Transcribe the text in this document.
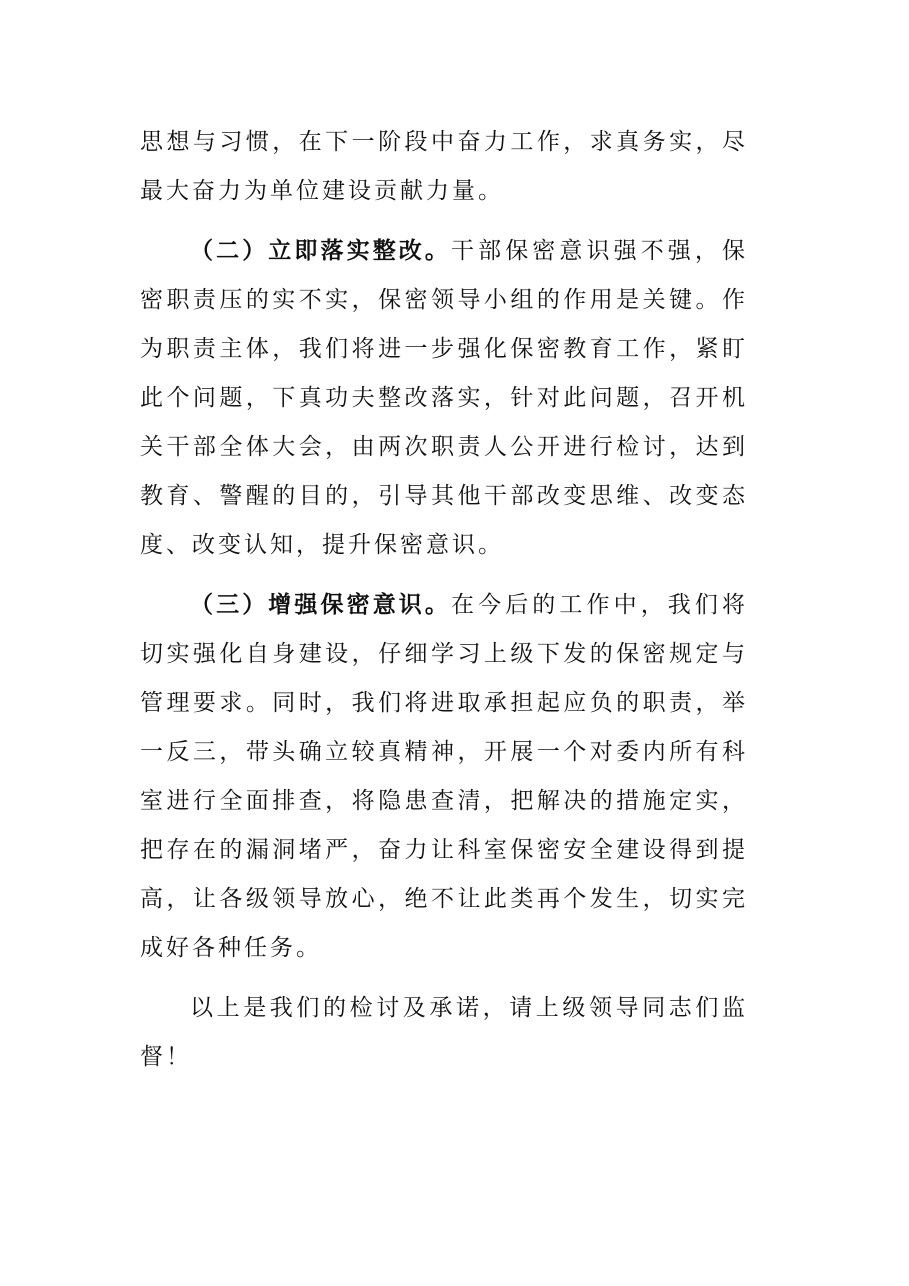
思想与习惯，在下一阶段中奋力工作，求真务实，尽最大奋力为单位建设贡献力量。

（二）立即落实整改。干部保密意识强不强，保密职责压的实不实，保密领导小组的作用是关键。作为职责主体，我们将进一步强化保密教育工作，紧盯此个问题，下真功夫整改落实，针对此问题，召开机关干部全体大会，由两次职责人公开进行检讨，达到教育、警醒的目的，引导其他干部改变思维、改变态度、改变认知，提升保密意识。

（三）增强保密意识。在今后的工作中，我们将切实强化自身建设，仔细学习上级下发的保密规定与管理要求。同时，我们将进取承担起应负的职责，举一反三，带头确立较真精神，开展一个对委内所有科室进行全面排查，将隐患查清，把解决的措施定实，把存在的漏洞堵严，奋力让科室保密安全建设得到提高，让各级领导放心，绝不让此类再个发生，切实完成好各种任务。

以上是我们的检讨及承诺，请上级领导同志们监督！
